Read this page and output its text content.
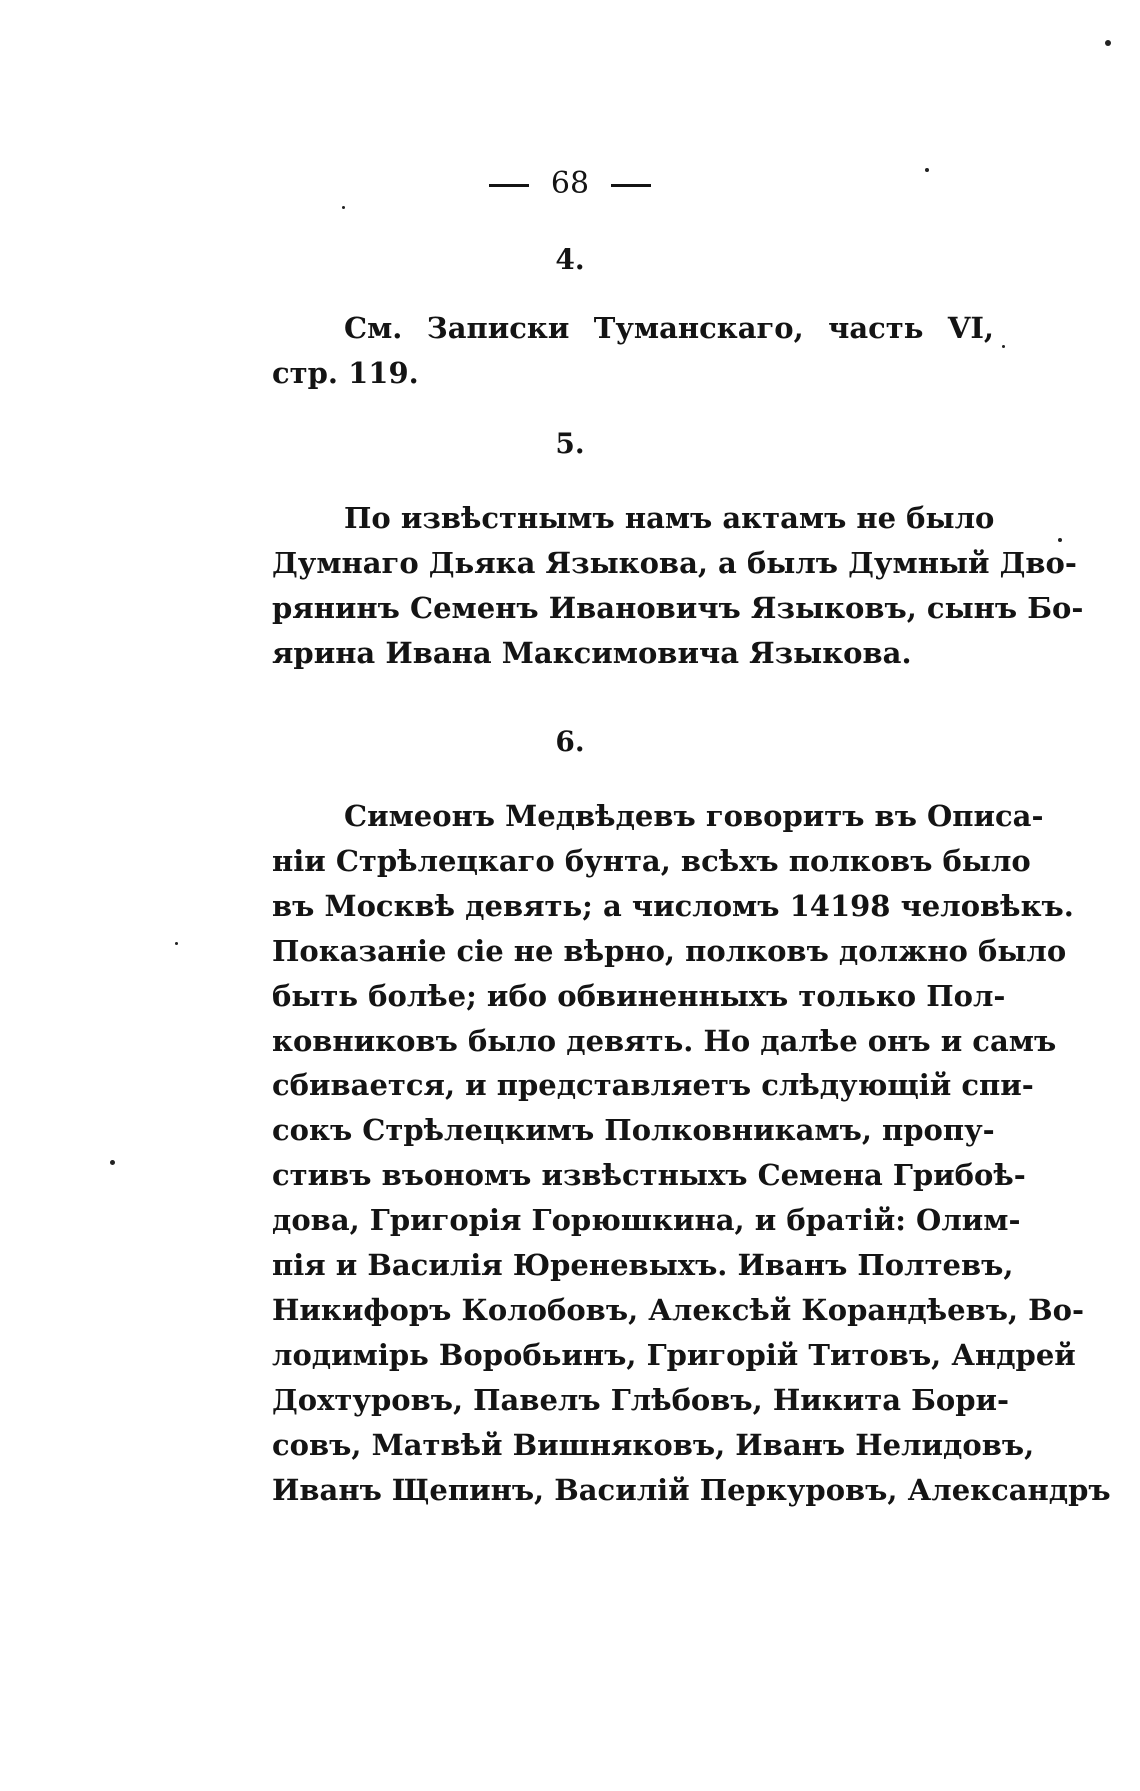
68
4.
См. Записки Туманскаго, часть VI,
стр. 119.
5.
По извѣстнымъ намъ актамъ не было
Думнаго Дьяка Языкова, а былъ Думный Дво-
рянинъ Семенъ Ивановичъ Языковъ, сынъ Бо-
ярина Ивана Максимовича Языкова.
6.
Симеонъ Медвѣдевъ говоритъ въ Описа-
ніи Стрѣлецкаго бунта, всѣхъ полковъ было
въ Москвѣ девять; а числомъ 14198 человѣкъ.
Показаніе сіе не вѣрно, полковъ должно было
быть болѣе; ибо обвиненныхъ только Пол-
ковниковъ было девять. Но далѣе онъ и самъ
сбивается, и представляетъ слѣдующій спи-
сокъ Стрѣлецкимъ Полковникамъ, пропу-
стивъ въономъ извѣстныхъ Семена Грибоѣ-
дова, Григорія Горюшкина, и братій: Олим-
пія и Василія Юреневыхъ. Иванъ Полтевъ,
Никифоръ Колобовъ, Алексѣй Корандѣевъ, Во-
лодимірь Воробьинъ, Григорій Титовъ, Андрей
Дохтуровъ, Павелъ Глѣбовъ, Никита Бори-
совъ, Матвѣй Вишняковъ, Иванъ Нелидовъ,
Иванъ Щепинъ, Василій Перкуровъ, Александръ
